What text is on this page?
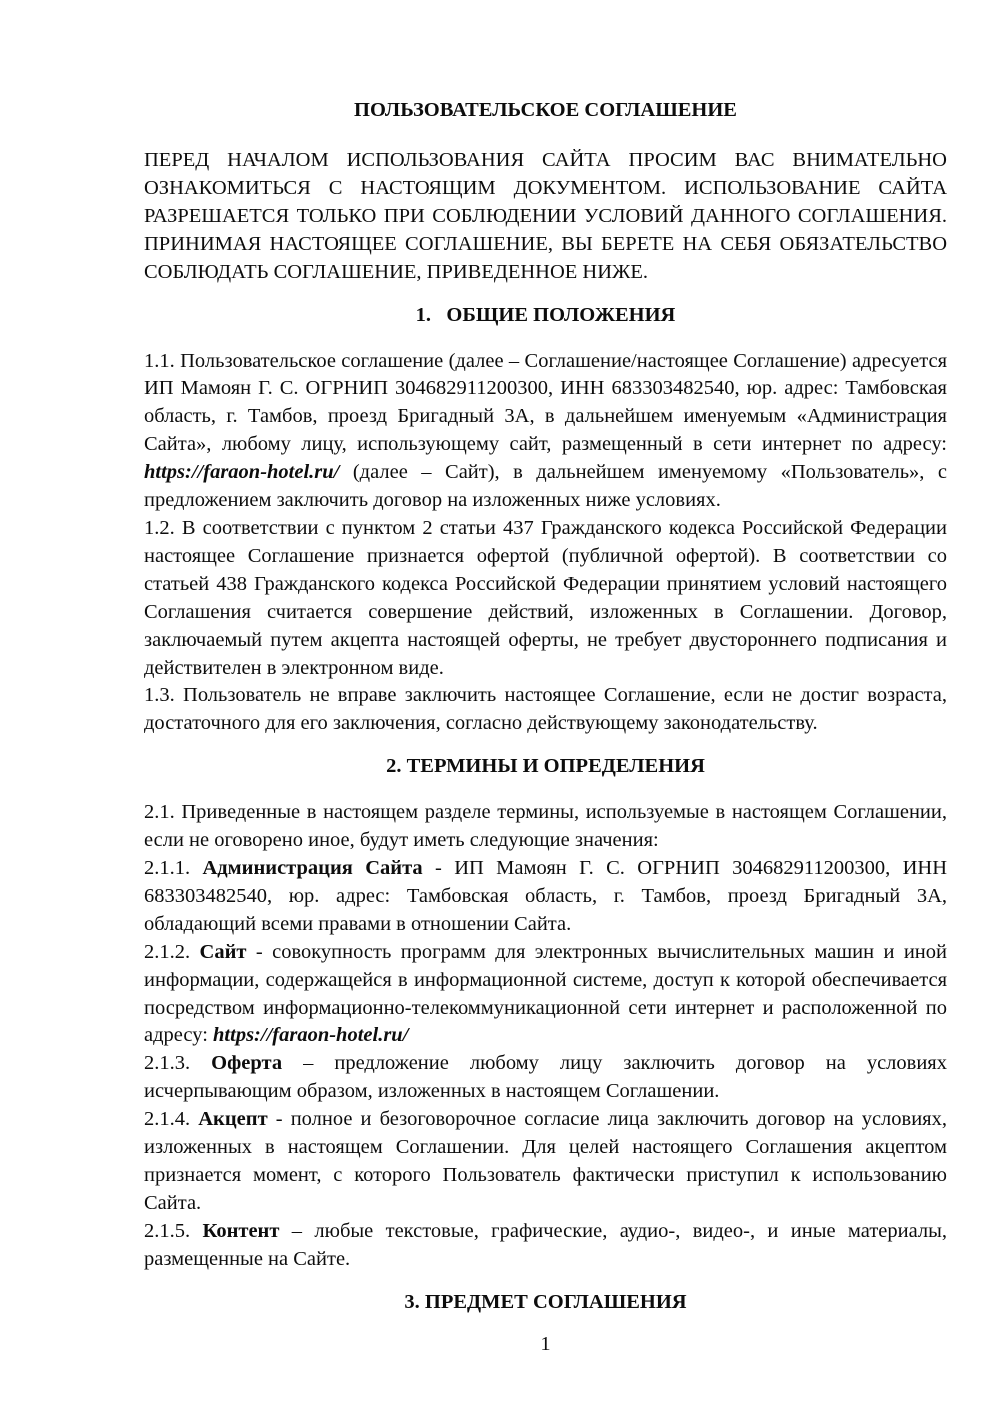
ПОЛЬЗОВАТЕЛЬСКОЕ СОГЛАШЕНИЕ

ПЕРЕД НАЧАЛОМ ИСПОЛЬЗОВАНИЯ САЙТА ПРОСИМ ВАС ВНИМАТЕЛЬНО ОЗНАКОМИТЬСЯ С НАСТОЯЩИМ ДОКУМЕНТОМ. ИСПОЛЬЗОВАНИЕ САЙТА РАЗРЕШАЕТСЯ ТОЛЬКО ПРИ СОБЛЮДЕНИИ УСЛОВИЙ ДАННОГО СОГЛАШЕНИЯ. ПРИНИМАЯ НАСТОЯЩЕЕ СОГЛАШЕНИЕ, ВЫ БЕРЕТЕ НА СЕБЯ ОБЯЗАТЕЛЬСТВО СОБЛЮДАТЬ СОГЛАШЕНИЕ, ПРИВЕДЕННОЕ НИЖЕ.

1.   ОБЩИЕ ПОЛОЖЕНИЯ

1.1. Пользовательское соглашение (далее – Соглашение/настоящее Соглашение) адресуется ИП Мамоян Г. С. ОГРНИП 304682911200300, ИНН 683303482540, юр. адрес: Тамбовская область, г. Тамбов, проезд Бригадный 3А, в дальнейшем именуемым «Администрация Сайта», любому лицу, использующему сайт, размещенный в сети интернет по адресу: https://faraon-hotel.ru/ (далее – Сайт), в дальнейшем именуемому «Пользователь», с предложением заключить договор на изложенных ниже условиях.

1.2. В соответствии с пунктом 2 статьи 437 Гражданского кодекса Российской Федерации настоящее Соглашение признается офертой (публичной офертой). В соответствии со статьей 438 Гражданского кодекса Российской Федерации принятием условий настоящего Соглашения считается совершение действий, изложенных в Соглашении. Договор, заключаемый путем акцепта настоящей оферты, не требует двустороннего подписания и действителен в электронном виде.

1.3. Пользователь не вправе заключить настоящее Соглашение, если не достиг возраста, достаточного для его заключения, согласно действующему законодательству.

2. ТЕРМИНЫ И ОПРЕДЕЛЕНИЯ

2.1. Приведенные в настоящем разделе термины, используемые в настоящем Соглашении, если не оговорено иное, будут иметь следующие значения:

2.1.1. Администрация Сайта - ИП Мамоян Г. С. ОГРНИП 304682911200300, ИНН 683303482540, юр. адрес: Тамбовская область, г. Тамбов, проезд Бригадный 3А, обладающий всеми правами в отношении Сайта.

2.1.2. Сайт - совокупность программ для электронных вычислительных машин и иной информации, содержащейся в информационной системе, доступ к которой обеспечивается посредством информационно-телекоммуникационной сети интернет и расположенной по адресу: https://faraon-hotel.ru/

2.1.3. Оферта – предложение любому лицу заключить договор на условиях исчерпывающим образом, изложенных в настоящем Соглашении.

2.1.4. Акцепт - полное и безоговорочное согласие лица заключить договор на условиях, изложенных в настоящем Соглашении. Для целей настоящего Соглашения акцептом признается момент, с которого Пользователь фактически приступил к использованию Сайта.

2.1.5. Контент – любые текстовые, графические, аудио-, видео-, и иные материалы, размещенные на Сайте.

3. ПРЕДМЕТ СОГЛАШЕНИЯ
1
